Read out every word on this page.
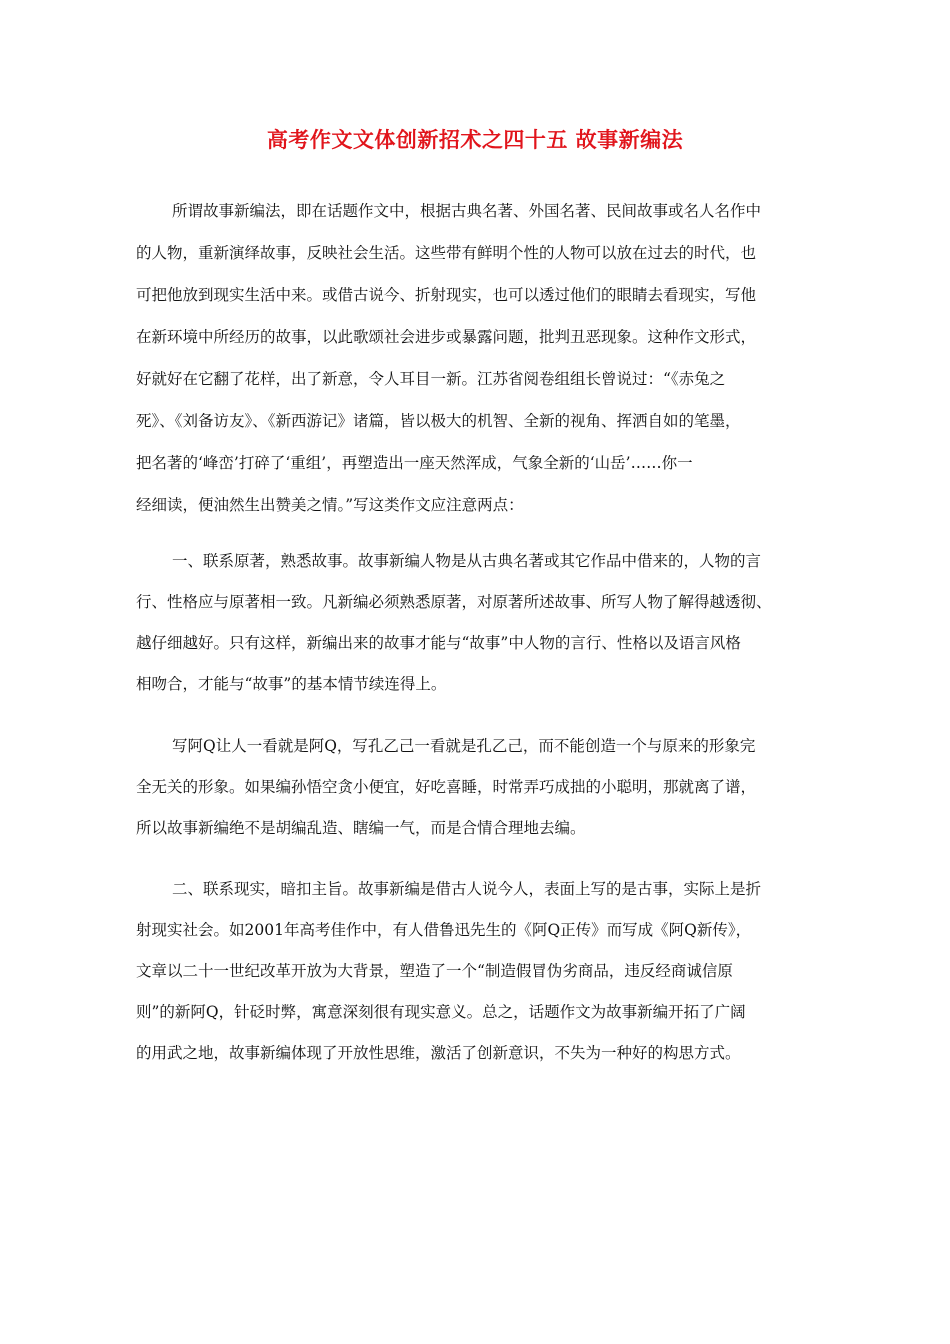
高考作文文体创新招术之四十五 故事新编法
所谓故事新编法，即在话题作文中，根据古典名著、外国名著、民间故事或名人名作中
的人物，重新演绎故事，反映社会生活。这些带有鲜明个性的人物可以放在过去的时代，也
可把他放到现实生活中来。或借古说今、折射现实，也可以透过他们的眼睛去看现实，写他
在新环境中所经历的故事，以此歌颂社会进步或暴露问题，批判丑恶现象。这种作文形式，
好就好在它翻了花样，出了新意，令人耳目一新。江苏省阅卷组组长曾说过：“《赤兔之
死》、《刘备访友》、《新西游记》诸篇，皆以极大的机智、全新的视角、挥洒自如的笔墨，
把名著的‘峰峦’打碎了‘重组’，再塑造出一座天然浑成，气象全新的‘山岳’……你一
经细读，便油然生出赞美之情。”写这类作文应注意两点：
一、联系原著，熟悉故事。故事新编人物是从古典名著或其它作品中借来的，人物的言
行、性格应与原著相一致。凡新编必须熟悉原著，对原著所述故事、所写人物了解得越透彻、
越仔细越好。只有这样，新编出来的故事才能与“故事”中人物的言行、性格以及语言风格
相吻合，才能与“故事”的基本情节续连得上。
写阿Q让人一看就是阿Q，写孔乙己一看就是孔乙己，而不能创造一个与原来的形象完
全无关的形象。如果编孙悟空贪小便宜，好吃喜睡，时常弄巧成拙的小聪明，那就离了谱，
所以故事新编绝不是胡编乱造、瞎编一气，而是合情合理地去编。
二、联系现实，暗扣主旨。故事新编是借古人说今人，表面上写的是古事，实际上是折
射现实社会。如2001年高考佳作中，有人借鲁迅先生的《阿Q正传》而写成《阿Q新传》，
文章以二十一世纪改革开放为大背景，塑造了一个“制造假冒伪劣商品，违反经商诚信原
则”的新阿Q，针砭时弊，寓意深刻很有现实意义。总之，话题作文为故事新编开拓了广阔
的用武之地，故事新编体现了开放性思维，激活了创新意识，不失为一种好的构思方式。
